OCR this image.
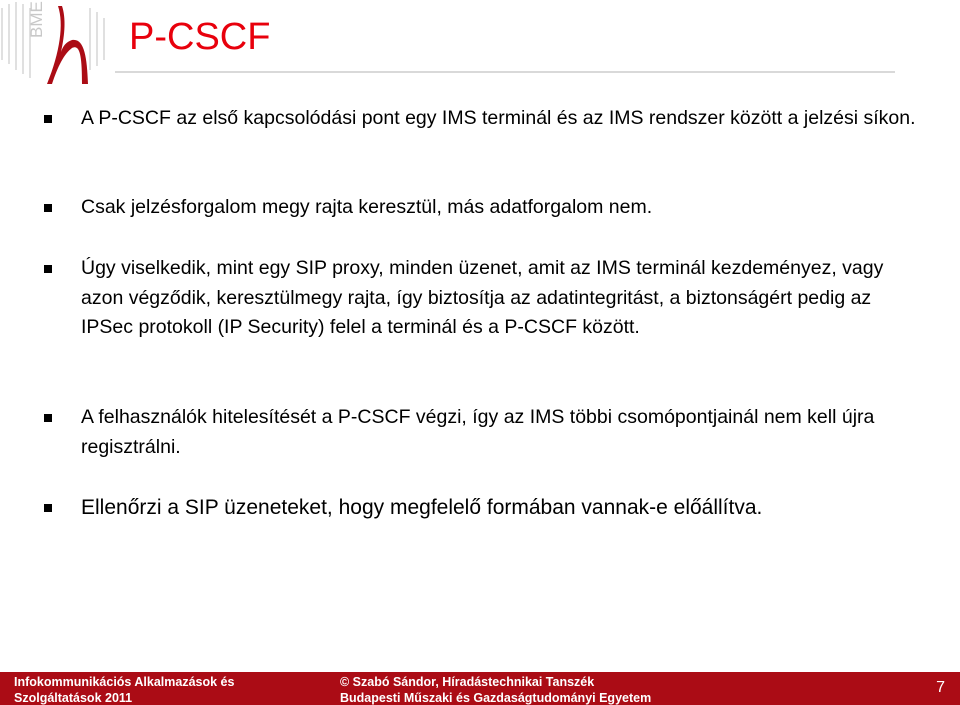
BME P-CSCF
A P-CSCF az első kapcsolódási pont egy IMS terminál és az IMS rendszer között a jelzési síkon.
Csak jelzésforgalom megy rajta keresztül, más adatforgalom nem.
Úgy viselkedik, mint egy SIP proxy, minden üzenet, amit az IMS terminál kezdeményez, vagy azon végződik, keresztülmegy rajta, így biztosítja az adatintegritást, a biztonságért pedig az IPSec protokoll (IP Security) felel a terminál és a P-CSCF között.
A felhasználók hitelesítését a P-CSCF végzi, így az IMS többi csomópontjainál nem kell újra regisztrálni.
Ellenőrzi a SIP üzeneteket, hogy megfelelő formában vannak-e előállítva.
Infokommunikációs Alkalmazások és
Szolgáltatások 2011
© Szabó Sándor, Híradástechnikai Tanszék
Budapesti Műszaki és Gazdaságtudományi Egyetem
7
